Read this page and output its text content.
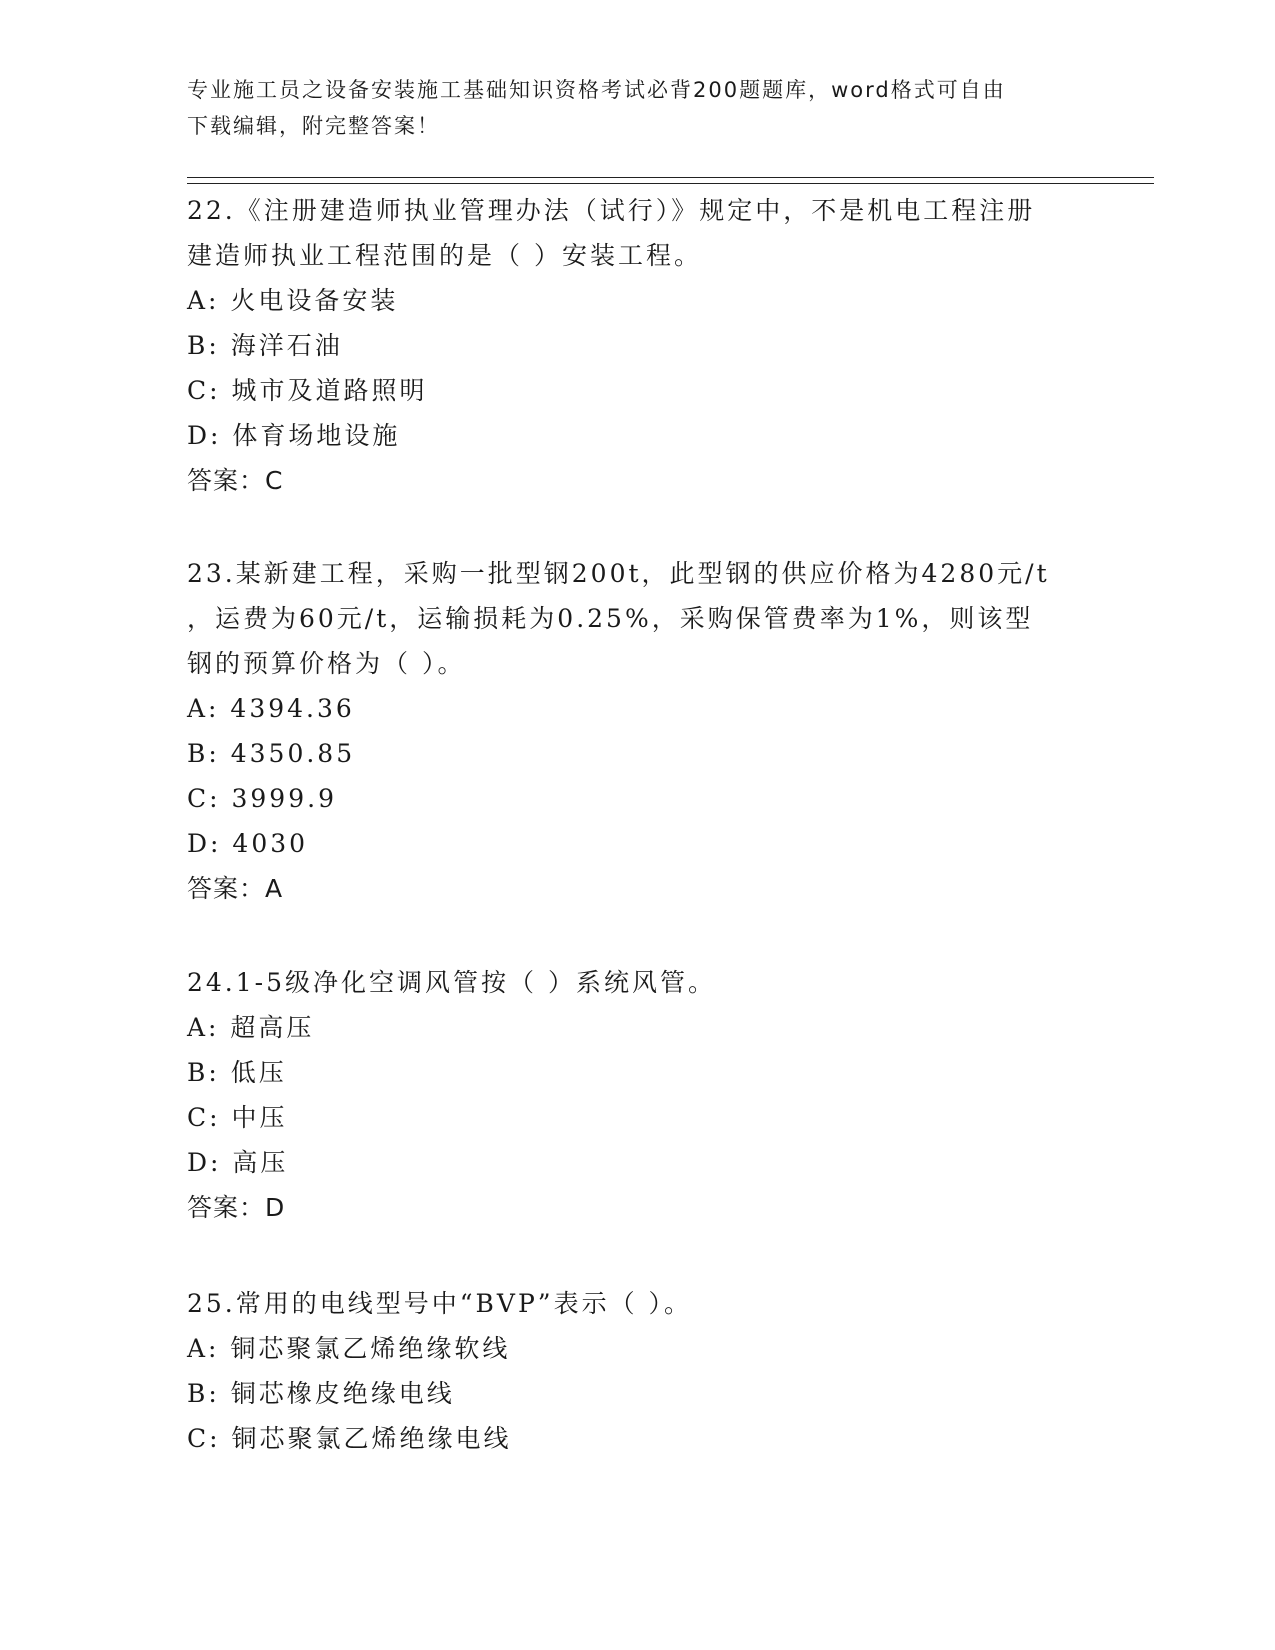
专业施工员之设备安装施工基础知识资格考试必背200题题库，word格式可自由
下载编辑，附完整答案！

22.《注册建造师执业管理办法（试行）》规定中，不是机电工程注册

建造师执业工程范围的是（ ）安装工程。

A: 火电设备安装

B: 海洋石油

C: 城市及道路照明

D: 体育场地设施

答案：C

23.某新建工程，采购一批型钢200t，此型钢的供应价格为4280元/t

，运费为60元/t，运输损耗为0.25%，采购保管费率为1%，则该型

钢的预算价格为（ ）。

A: 4394.36

B: 4350.85

C: 3999.9

D: 4030

答案：A

24.1-5级净化空调风管按（ ）系统风管。

A: 超高压

B: 低压

C: 中压

D: 高压

答案：D

25.常用的电线型号中“BVP”表示（ ）。

A: 铜芯聚氯乙烯绝缘软线

B: 铜芯橡皮绝缘电线

C: 铜芯聚氯乙烯绝缘电线
